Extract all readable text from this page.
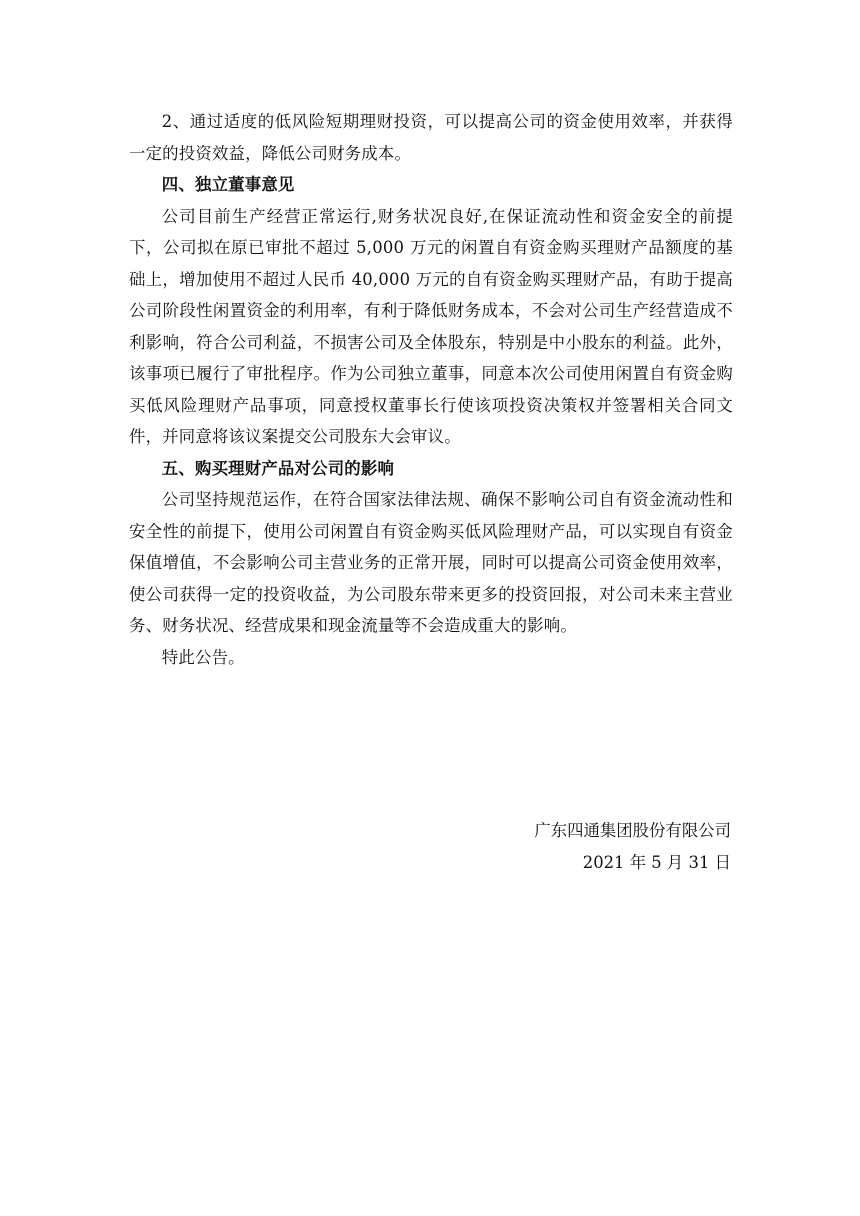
2、通过适度的低风险短期理财投资，可以提高公司的资金使用效率，并获得一定的投资效益，降低公司财务成本。

四、独立董事意见

公司目前生产经营正常运行,财务状况良好,在保证流动性和资金安全的前提下，公司拟在原已审批不超过 5,000 万元的闲置自有资金购买理财产品额度的基础上，增加使用不超过人民币 40,000 万元的自有资金购买理财产品，有助于提高公司阶段性闲置资金的利用率，有利于降低财务成本，不会对公司生产经营造成不利影响，符合公司利益，不损害公司及全体股东，特别是中小股东的利益。此外，该事项已履行了审批程序。作为公司独立董事，同意本次公司使用闲置自有资金购买低风险理财产品事项，同意授权董事长行使该项投资决策权并签署相关合同文件，并同意将该议案提交公司股东大会审议。

五、购买理财产品对公司的影响

公司坚持规范运作，在符合国家法律法规、确保不影响公司自有资金流动性和安全性的前提下，使用公司闲置自有资金购买低风险理财产品，可以实现自有资金保值增值，不会影响公司主营业务的正常开展，同时可以提高公司资金使用效率，使公司获得一定的投资收益，为公司股东带来更多的投资回报，对公司未来主营业务、财务状况、经营成果和现金流量等不会造成重大的影响。

特此公告。

广东四通集团股份有限公司
2021 年 5 月 31 日
